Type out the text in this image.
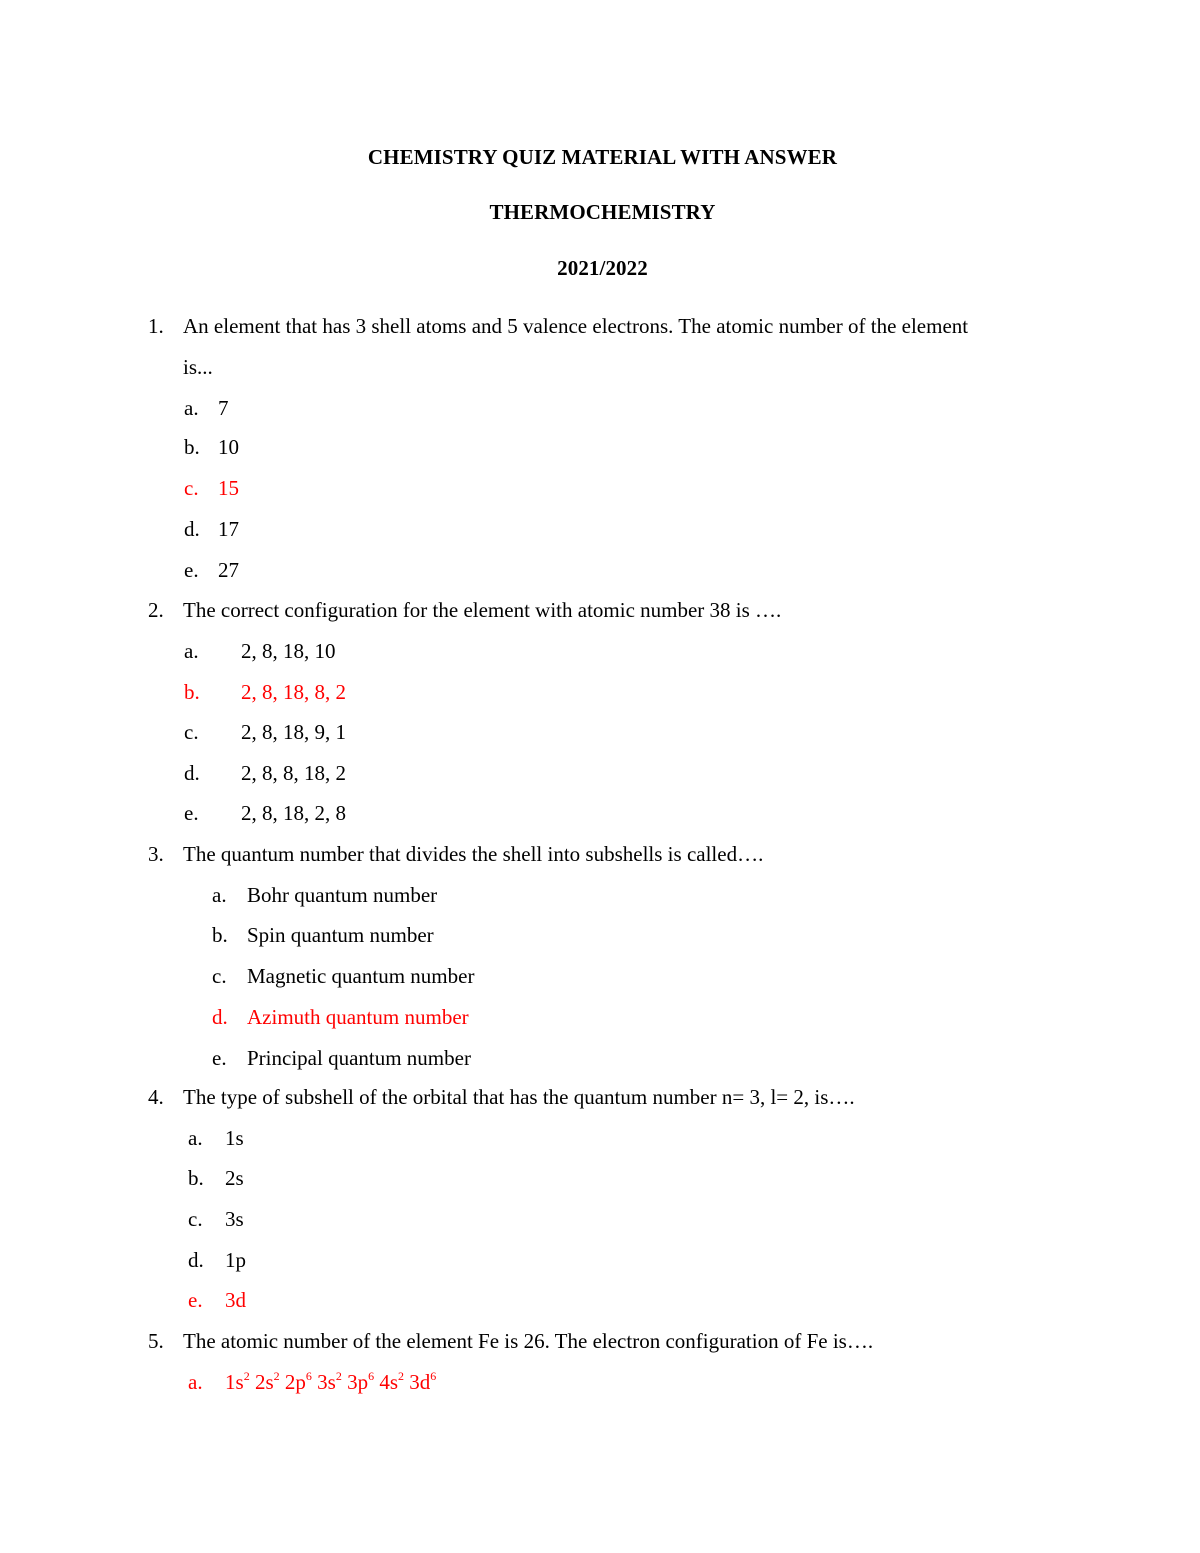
CHEMISTRY QUIZ MATERIAL WITH ANSWER
THERMOCHEMISTRY
2021/2022
1. An element that has 3 shell atoms and 5 valence electrons. The atomic number of the element
is...
a. 7
b. 10
c. 15
d. 17
e. 27
2. The correct configuration for the element with atomic number 38 is ….
a. 2, 8, 18, 10
b. 2, 8, 18, 8, 2
c. 2, 8, 18, 9, 1
d. 2, 8, 8, 18, 2
e. 2, 8, 18, 2, 8
3. The quantum number that divides the shell into subshells is called….
a. Bohr quantum number
b. Spin quantum number
c. Magnetic quantum number
d. Azimuth quantum number
e. Principal quantum number
4. The type of subshell of the orbital that has the quantum number n= 3, l= 2, is….
a. 1s
b. 2s
c. 3s
d. 1p
e. 3d
5. The atomic number of the element Fe is 26. The electron configuration of Fe is….
a. $1s^2$ $2s^2$ $2p^6$ $3s^2$ $3p^6$ $4s^2$ $3d^6$
